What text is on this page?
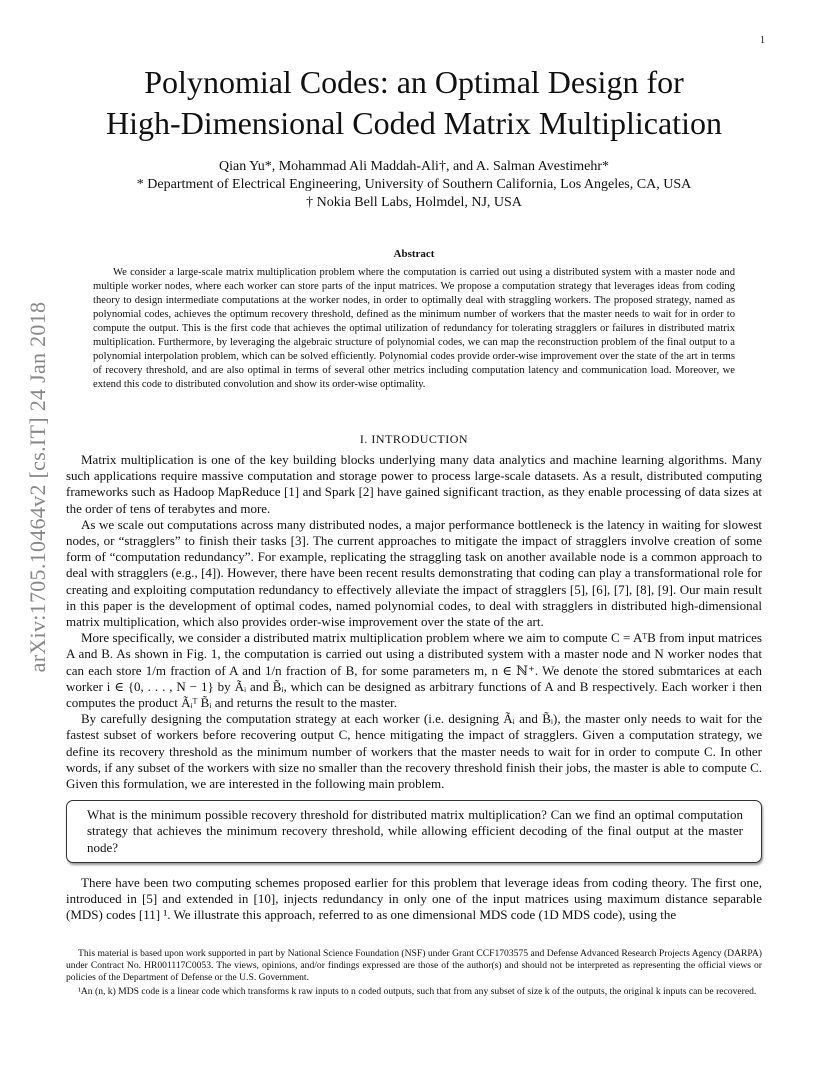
1
arXiv:1705.10464v2 [cs.IT] 24 Jan 2018
Polynomial Codes: an Optimal Design for
High-Dimensional Coded Matrix Multiplication
Qian Yu*, Mohammad Ali Maddah-Ali†, and A. Salman Avestimehr*
* Department of Electrical Engineering, University of Southern California, Los Angeles, CA, USA
† Nokia Bell Labs, Holmdel, NJ, USA
Abstract

We consider a large-scale matrix multiplication problem where the computation is carried out using a distributed system with a master node and multiple worker nodes, where each worker can store parts of the input matrices. We propose a computation strategy that leverages ideas from coding theory to design intermediate computations at the worker nodes, in order to optimally deal with straggling workers. The proposed strategy, named as polynomial codes, achieves the optimum recovery threshold, defined as the minimum number of workers that the master needs to wait for in order to compute the output. This is the first code that achieves the optimal utilization of redundancy for tolerating stragglers or failures in distributed matrix multiplication. Furthermore, by leveraging the algebraic structure of polynomial codes, we can map the reconstruction problem of the final output to a polynomial interpolation problem, which can be solved efficiently. Polynomial codes provide order-wise improvement over the state of the art in terms of recovery threshold, and are also optimal in terms of several other metrics including computation latency and communication load. Moreover, we extend this code to distributed convolution and show its order-wise optimality.

I. INTRODUCTION

Matrix multiplication is one of the key building blocks underlying many data analytics and machine learning algorithms. Many such applications require massive computation and storage power to process large-scale datasets. As a result, distributed computing frameworks such as Hadoop MapReduce [1] and Spark [2] have gained significant traction, as they enable processing of data sizes at the order of tens of terabytes and more.

As we scale out computations across many distributed nodes, a major performance bottleneck is the latency in waiting for slowest nodes, or “stragglers” to finish their tasks [3]. The current approaches to mitigate the impact of stragglers involve creation of some form of “computation redundancy”. For example, replicating the straggling task on another available node is a common approach to deal with stragglers (e.g., [4]). However, there have been recent results demonstrating that coding can play a transformational role for creating and exploiting computation redundancy to effectively alleviate the impact of stragglers [5], [6], [7], [8], [9]. Our main result in this paper is the development of optimal codes, named polynomial codes, to deal with stragglers in distributed high-dimensional matrix multiplication, which also provides order-wise improvement over the state of the art.

More specifically, we consider a distributed matrix multiplication problem where we aim to compute C = AᵀB from input matrices A and B. As shown in Fig. 1, the computation is carried out using a distributed system with a master node and N worker nodes that can each store 1/m fraction of A and 1/n fraction of B, for some parameters m, n ∈ ℕ⁺. We denote the stored submtarices at each worker i ∈ {0, . . . , N − 1} by Ãᵢ and B̃ᵢ, which can be designed as arbitrary functions of A and B respectively. Each worker i then computes the product Ãᵢᵀ B̃ᵢ and returns the result to the master.

By carefully designing the computation strategy at each worker (i.e. designing Ãᵢ and B̃ᵢ), the master only needs to wait for the fastest subset of workers before recovering output C, hence mitigating the impact of stragglers. Given a computation strategy, we define its recovery threshold as the minimum number of workers that the master needs to wait for in order to compute C. In other words, if any subset of the workers with size no smaller than the recovery threshold finish their jobs, the master is able to compute C. Given this formulation, we are interested in the following main problem.

What is the minimum possible recovery threshold for distributed matrix multiplication? Can we find an optimal computation strategy that achieves the minimum recovery threshold, while allowing efficient decoding of the final output at the master node?

There have been two computing schemes proposed earlier for this problem that leverage ideas from coding theory. The first one, introduced in [5] and extended in [10], injects redundancy in only one of the input matrices using maximum distance separable (MDS) codes [11] ¹. We illustrate this approach, referred to as one dimensional MDS code (1D MDS code), using the

This material is based upon work supported in part by National Science Foundation (NSF) under Grant CCF1703575 and Defense Advanced Research Projects Agency (DARPA) under Contract No. HR001117C0053. The views, opinions, and/or findings expressed are those of the author(s) and should not be interpreted as representing the official views or policies of the Department of Defense or the U.S. Government.

¹An (n, k) MDS code is a linear code which transforms k raw inputs to n coded outputs, such that from any subset of size k of the outputs, the original k inputs can be recovered.
